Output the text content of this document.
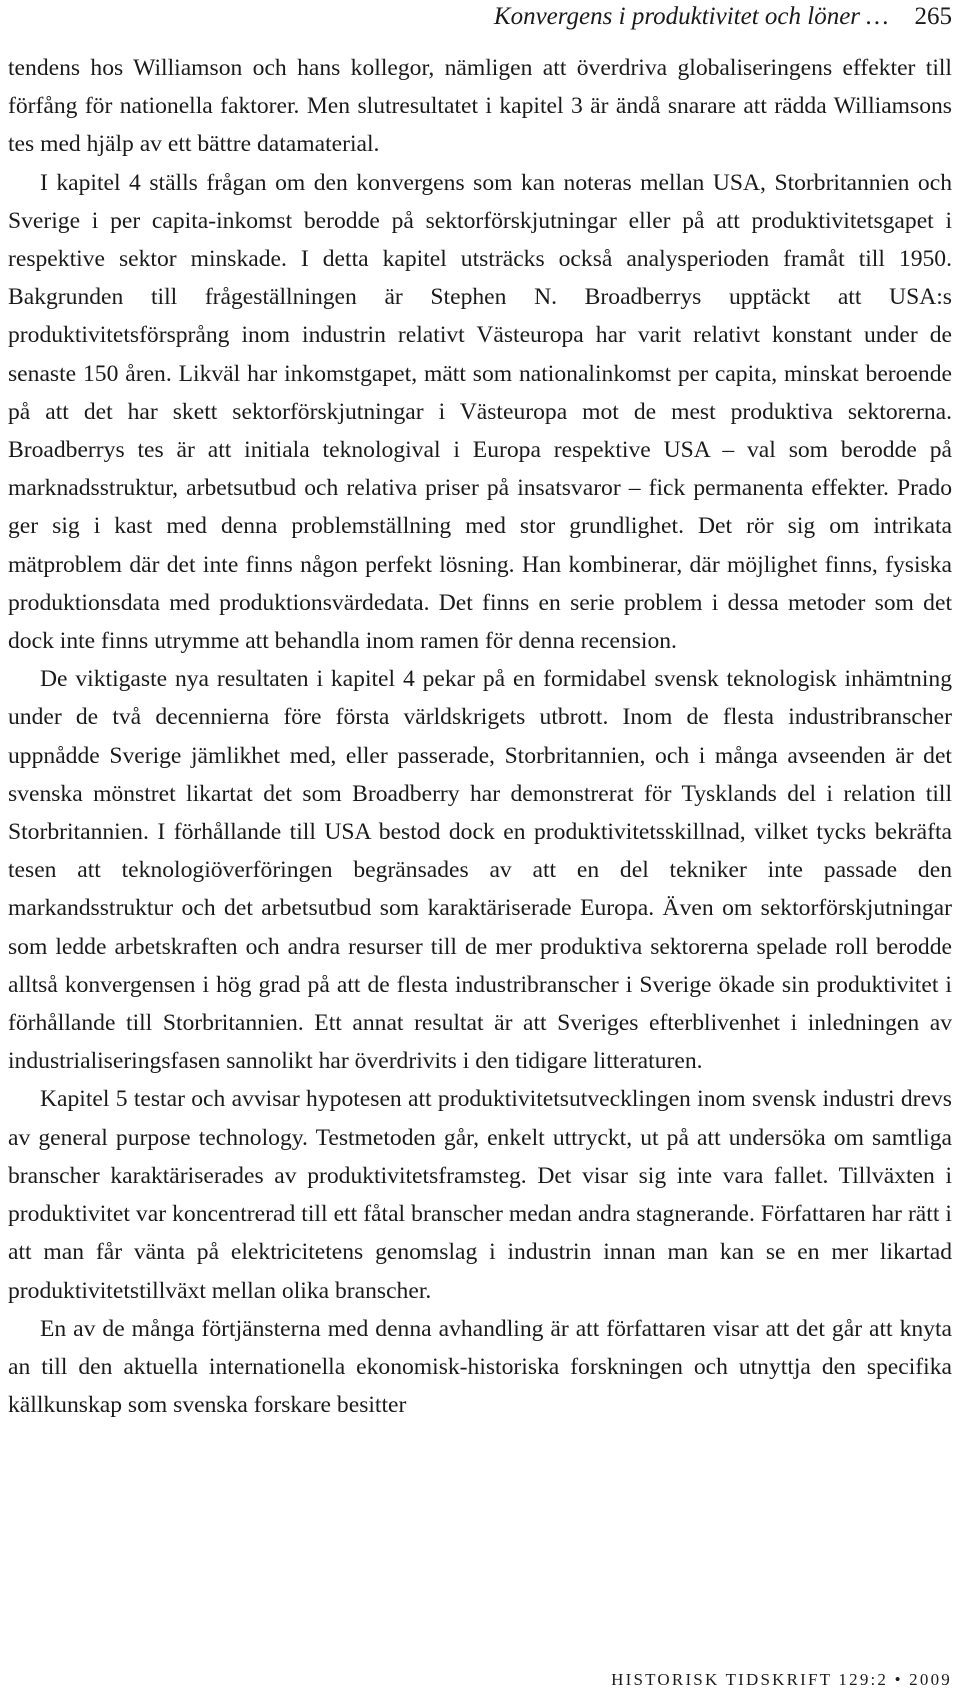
Konvergens i produktivitet och löner … 265

tendens hos Williamson och hans kollegor, nämligen att överdriva globaliseringens effekter till förfång för nationella faktorer. Men slutresultatet i kapitel 3 är ändå snarare att rädda Williamsons tes med hjälp av ett bättre datamaterial.

I kapitel 4 ställs frågan om den konvergens som kan noteras mellan USA, Storbritannien och Sverige i per capita-inkomst berodde på sektorförskjutningar eller på att produktivitetsgapet i respektive sektor minskade. I detta kapitel utsträcks också analysperioden framåt till 1950. Bakgrunden till frågeställningen är Stephen N. Broadberrys upptäckt att USA:s produktivitetsförsprång inom industrin relativt Västeuropa har varit relativt konstant under de senaste 150 åren. Likväl har inkomstgapet, mätt som nationalinkomst per capita, minskat beroende på att det har skett sektorförskjutningar i Västeuropa mot de mest produktiva sektorerna. Broadberrys tes är att initiala teknologival i Europa respektive USA – val som berodde på marknadsstruktur, arbetsutbud och relativa priser på insatsvaror – fick permanenta effekter. Prado ger sig i kast med denna problemställning med stor grundlighet. Det rör sig om intrikata mätproblem där det inte finns någon perfekt lösning. Han kombinerar, där möjlighet finns, fysiska produktionsdata med produktionsvärdedata. Det finns en serie problem i dessa metoder som det dock inte finns utrymme att behandla inom ramen för denna recension.

De viktigaste nya resultaten i kapitel 4 pekar på en formidabel svensk teknologisk inhämtning under de två decennierna före första världskrigets utbrott. Inom de flesta industribranscher uppnådde Sverige jämlikhet med, eller passerade, Storbritannien, och i många avseenden är det svenska mönstret likartat det som Broadberry har demonstrerat för Tysklands del i relation till Storbritannien. I förhållande till USA bestod dock en produktivitetsskillnad, vilket tycks bekräfta tesen att teknologiöverföringen begränsades av att en del tekniker inte passade den markandsstruktur och det arbetsutbud som karaktäriserade Europa. Även om sektorförskjutningar som ledde arbetskraften och andra resurser till de mer produktiva sektorerna spelade roll berodde alltså konvergensen i hög grad på att de flesta industribranscher i Sverige ökade sin produktivitet i förhållande till Storbritannien. Ett annat resultat är att Sveriges efterblivenhet i inledningen av industrialiseringsfasen sannolikt har överdrivits i den tidigare litteraturen.

Kapitel 5 testar och avvisar hypotesen att produktivitetsutvecklingen inom svensk industri drevs av general purpose technology. Testmetoden går, enkelt uttryckt, ut på att undersöka om samtliga branscher karaktäriserades av produktivitetsframsteg. Det visar sig inte vara fallet. Tillväxten i produktivitet var koncentrerad till ett fåtal branscher medan andra stagnerande. Författaren har rätt i att man får vänta på elektricitetens genomslag i industrin innan man kan se en mer likartad produktivitetstillväxt mellan olika branscher.

En av de många förtjänsterna med denna avhandling är att författaren visar att det går att knyta an till den aktuella internationella ekonomisk-historiska forskningen och utnyttja den specifika källkunskap som svenska forskare besitter

HISTORISK TIDSKRIFT 129:2 • 2009
